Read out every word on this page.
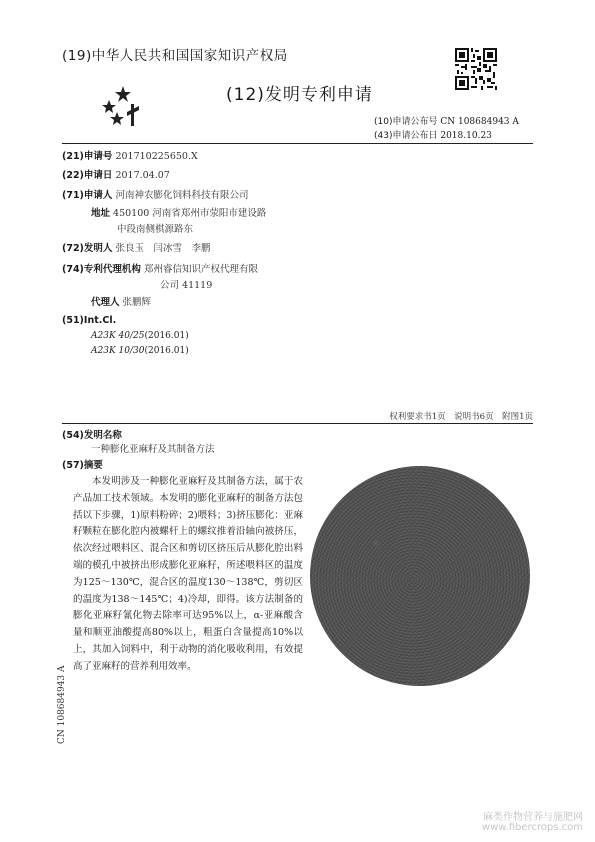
(19)中华人民共和国国家知识产权局
(12)发明专利申请
(10)申请公布号 CN 108684943 A
(43)申请公布日 2018.10.23
(21)申请号 201710225650.X
(22)申请日 2017.04.07
(71)申请人 河南神农膨化饲料科技有限公司
地址 450100 河南省郑州市荥阳市建设路
中段南侧棋源路东
(72)发明人 张良玉　闫冰雪　李鹏
(74)专利代理机构 郑州睿信知识产权代理有限
公司 41119
代理人 张鹏辉
(51)Int.Cl.
A23K 40/25(2016.01)
A23K 10/30(2016.01)
权利要求书1页　说明书6页　附图1页
(54)发明名称
一种膨化亚麻籽及其制备方法
(57)摘要
本发明涉及一种膨化亚麻籽及其制备方法，属于农产品加工技术领域。本发明的膨化亚麻籽的制备方法包括以下步骤，1)原料粉碎；2)喂料；3)挤压膨化：亚麻籽颗粒在膨化腔内被螺杆上的螺纹推着沿轴向被挤压，依次经过喂料区、混合区和剪切区挤压后从膨化腔出料端的模孔中被挤出形成膨化亚麻籽，所述喂料区的温度为125～130℃，混合区的温度130～138℃，剪切区的温度为138～145℃；4)冷却，即得。该方法制备的膨化亚麻籽氰化物去除率可达95%以上，α-亚麻酸含量和顺亚油酸提高80%以上，粗蛋白含量提高10%以上，其加入饲料中，利于动物的消化吸收利用，有效提高了亚麻籽的营养利用效率。
CN 108684943 A
麻类作物营养与施肥网
www.fibercrops.com
